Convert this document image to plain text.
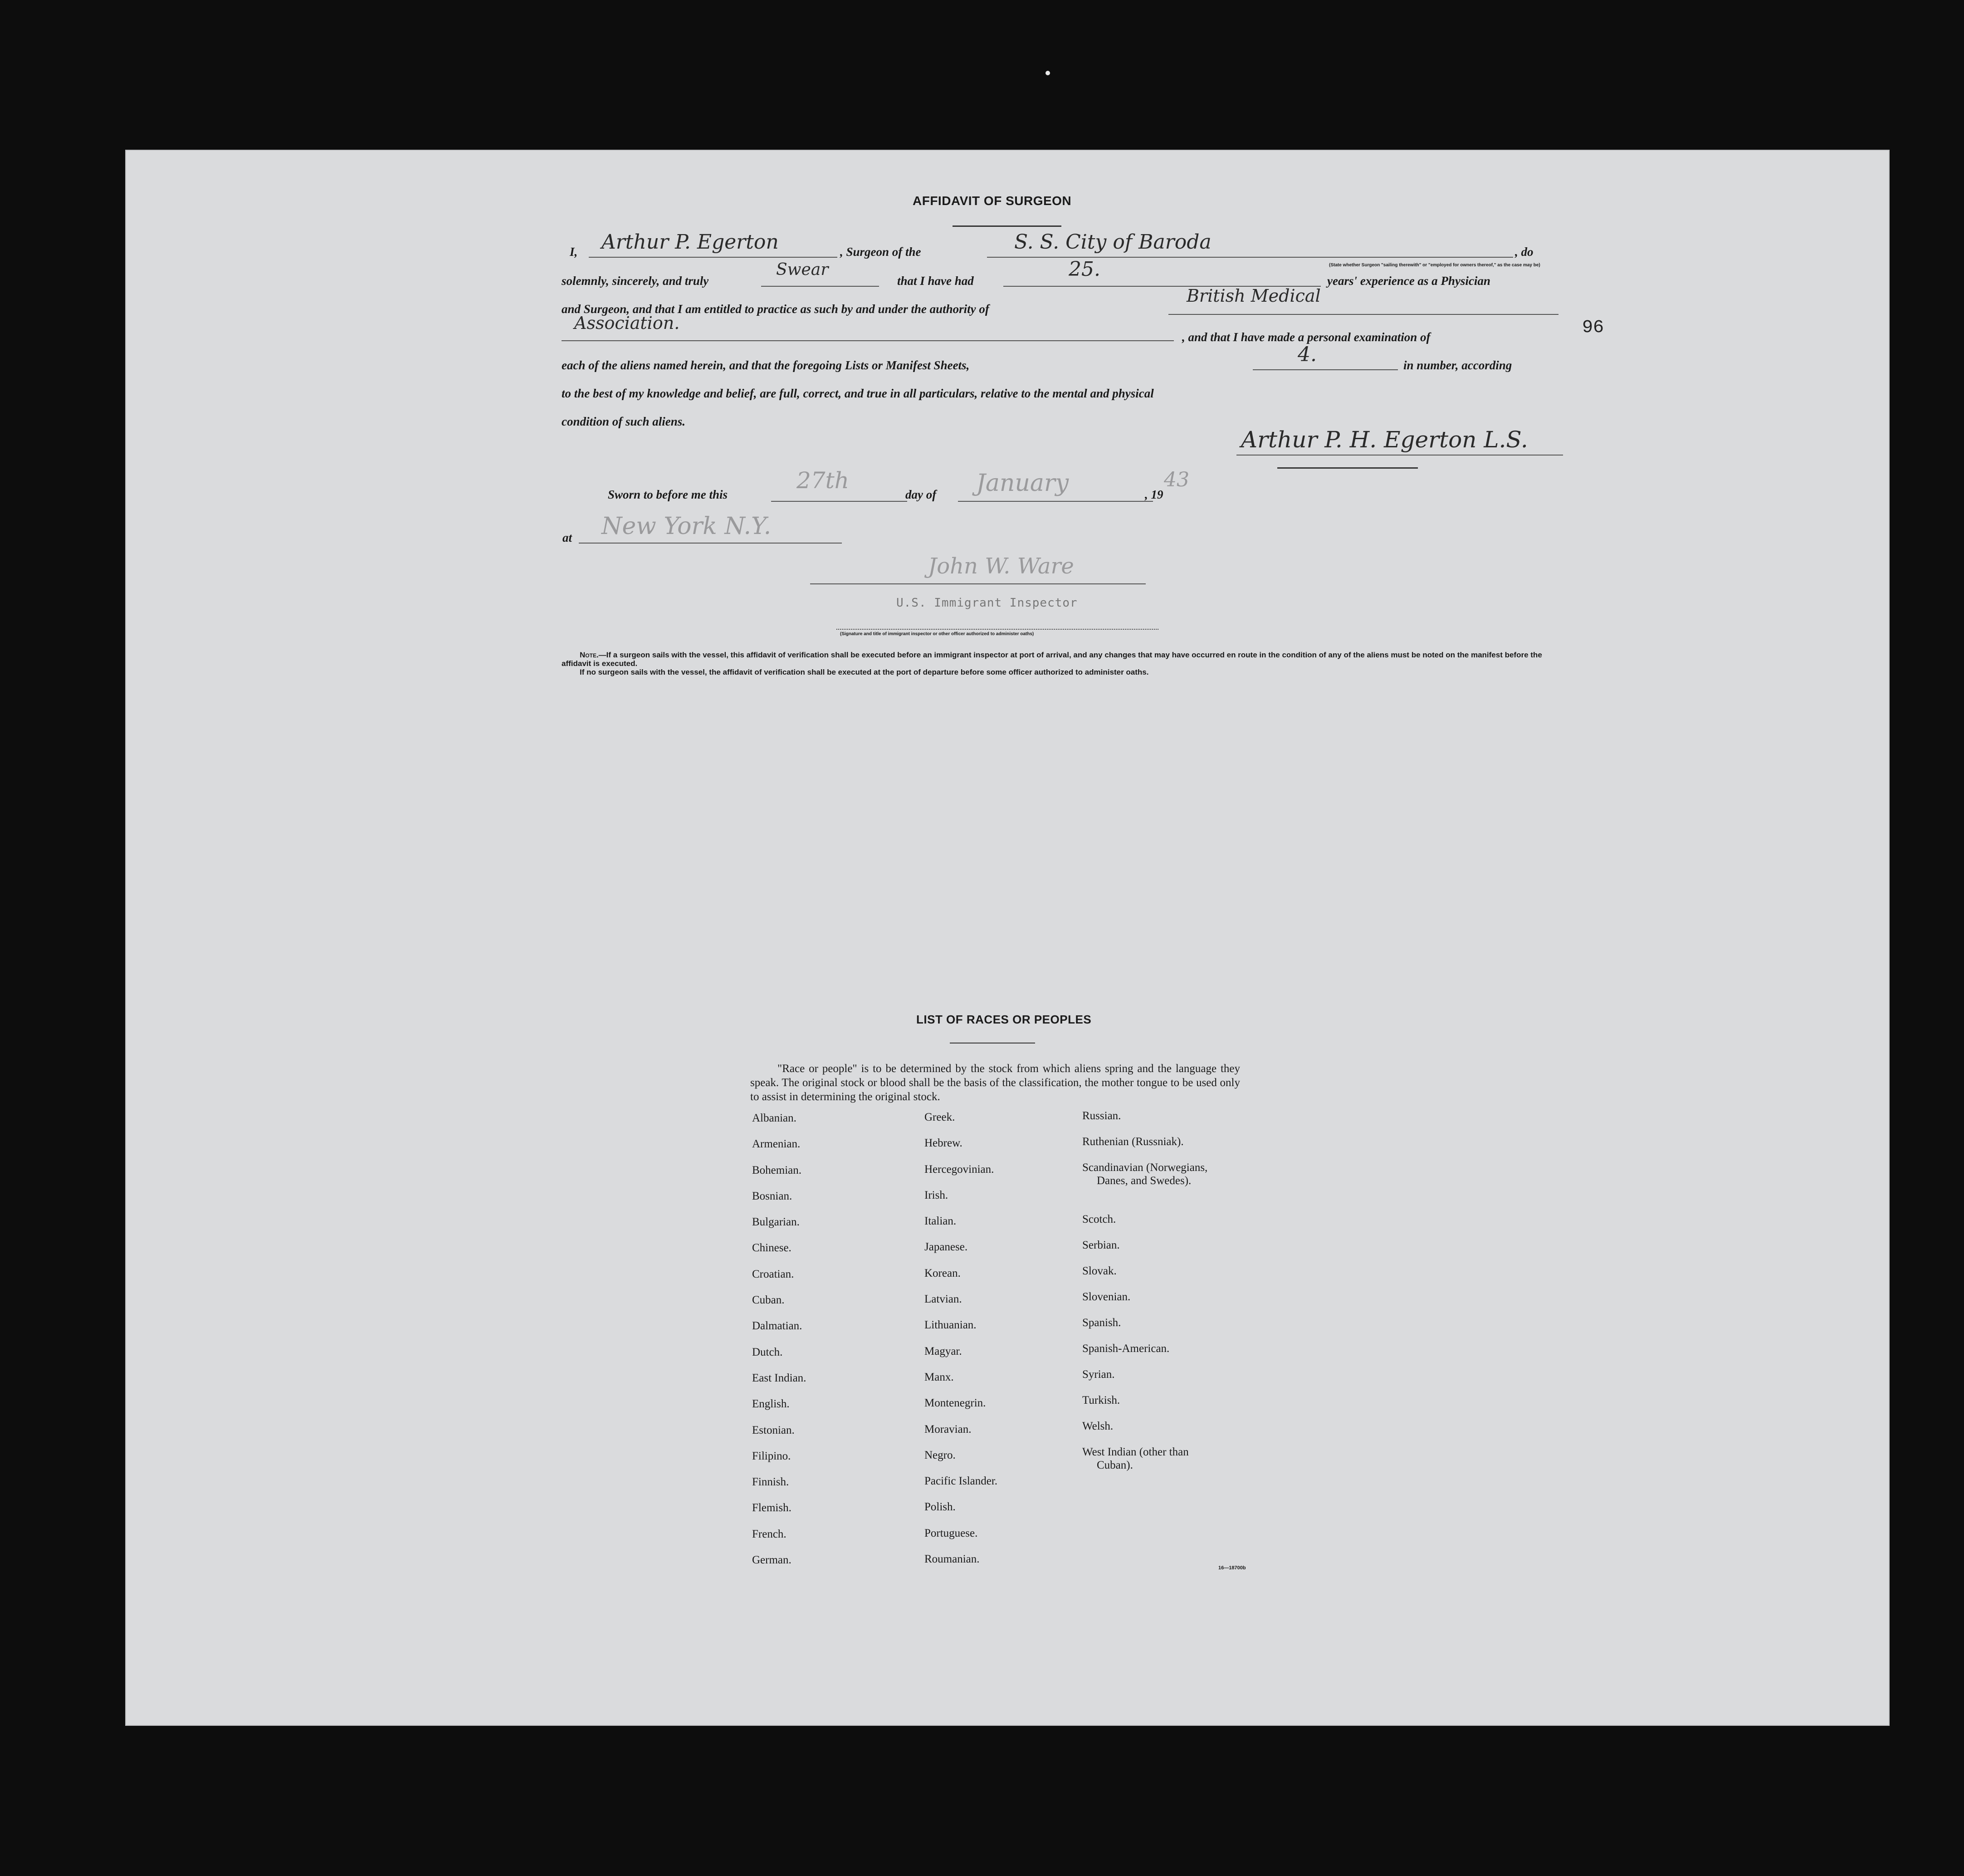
96
AFFIDAVIT OF SURGEON
I, Arthur P. Egerton	, Surgeon of the	S. S. City of Baroda	, do
solemnly, sincerely, and truly
Swear
that I have had	25.	(State whether Surgeon "sailing therewith" or "employed for owners thereof," as the case may be)
years' experience as a Physician
and Surgeon, and that I am entitled to practice as such by and under the authority of
British Medical
Association.
, and that I have made a personal examination of
each of the aliens named herein, and that the foregoing Lists or Manifest Sheets,	4.	in number, according
to the best of my knowledge and belief, are full, correct, and true in all particulars, relative to the mental and physical
condition of such aliens.
Arthur P. H. Egerton L.S.
Sworn to before me this
27th
day of January	, 19
43
at New York N.Y.
John W. Ware
U.S. Immigrant Inspector
(Signature and title of immigrant inspector or other officer authorized to administer oaths)
Note.—If a surgeon sails with the vessel, this affidavit of verification shall be executed before an immigrant inspector at port of arrival, and any changes that may have occurred en route in the condition of any of the aliens must be noted on the manifest before the affidavit is executed.
If no surgeon sails with the vessel, the affidavit of verification shall be executed at the port of departure before some officer authorized to administer oaths.
LIST OF RACES OR PEOPLES
"Race or people" is to be determined by the stock from which aliens spring and the language they speak. The original stock or blood shall be the basis of the classification, the mother tongue to be used only to assist in determining the original stock.
Albanian.
Armenian.
Bohemian.
Bosnian.
Bulgarian.
Chinese.
Croatian.
Cuban.
Dalmatian.
Dutch.
East Indian.
English.
Estonian.
Filipino.
Finnish.
Flemish.
French.
German.
Greek.
Hebrew.
Hercegovinian.
Irish.
Italian.
Japanese.
Korean.
Latvian.
Lithuanian.
Magyar.
Manx.
Montenegrin.
Moravian.
Negro.
Pacific Islander.
Polish.
Portuguese.
Roumanian.
Russian.
Ruthenian (Russniak).
Scandinavian (Norwegians,
Danes, and Swedes).
Scotch.
Serbian.
Slovak.
Slovenian.
Spanish.
Spanish-American.
Syrian.
Turkish.
Welsh.
West Indian (other than
Cuban).
16—18700b
